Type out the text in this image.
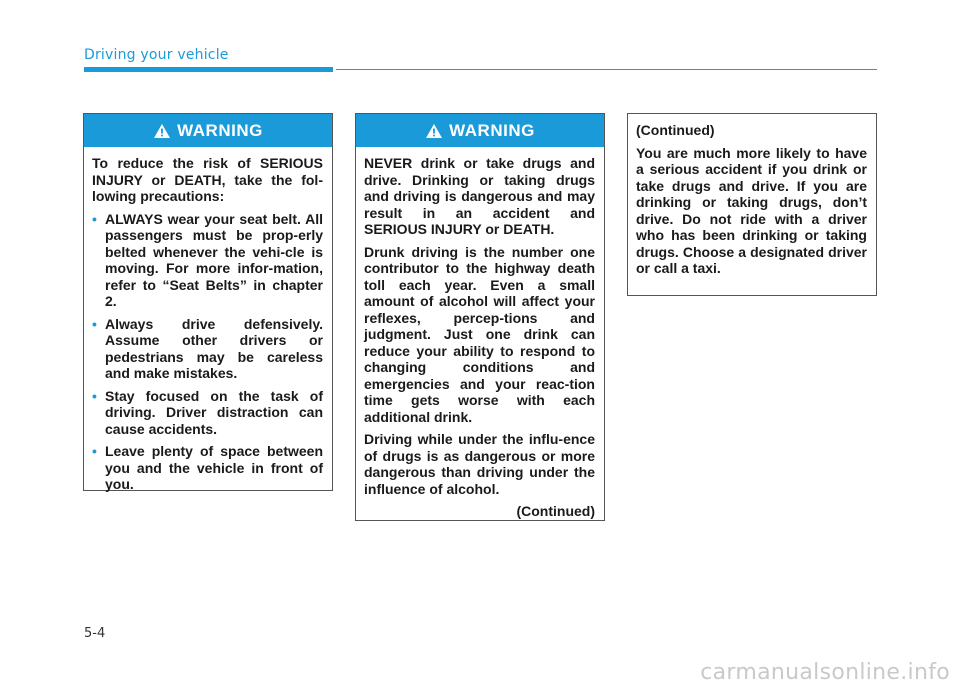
Driving your vehicle
WARNING

To reduce the risk of SERIOUS INJURY or DEATH, take the fol-lowing precautions:

• ALWAYS wear your seat belt. All passengers must be prop-erly belted whenever the vehi-cle is moving. For more infor-mation, refer to “Seat Belts” in chapter 2.
• Always drive defensively. Assume other drivers or pedestrians may be careless and make mistakes.
• Stay focused on the task of driving. Driver distraction can cause accidents.
• Leave plenty of space between you and the vehicle in front of you.
WARNING

NEVER drink or take drugs and drive. Drinking or taking drugs and driving is dangerous and may result in an accident and SERIOUS INJURY or DEATH.

Drunk driving is the number one contributor to the highway death toll each year. Even a small amount of alcohol will affect your reflexes, percep-tions and judgment. Just one drink can reduce your ability to respond to changing conditions and emergencies and your reac-tion time gets worse with each additional drink.

Driving while under the influ-ence of drugs is as dangerous or more dangerous than driving under the influence of alcohol.

(Continued)

(Continued)

You are much more likely to have a serious accident if you drink or take drugs and drive. If you are drinking or taking drugs, don’t drive. Do not ride with a driver who has been drinking or taking drugs. Choose a designated driver or call a taxi.

5-4
carmanualsonline.info
